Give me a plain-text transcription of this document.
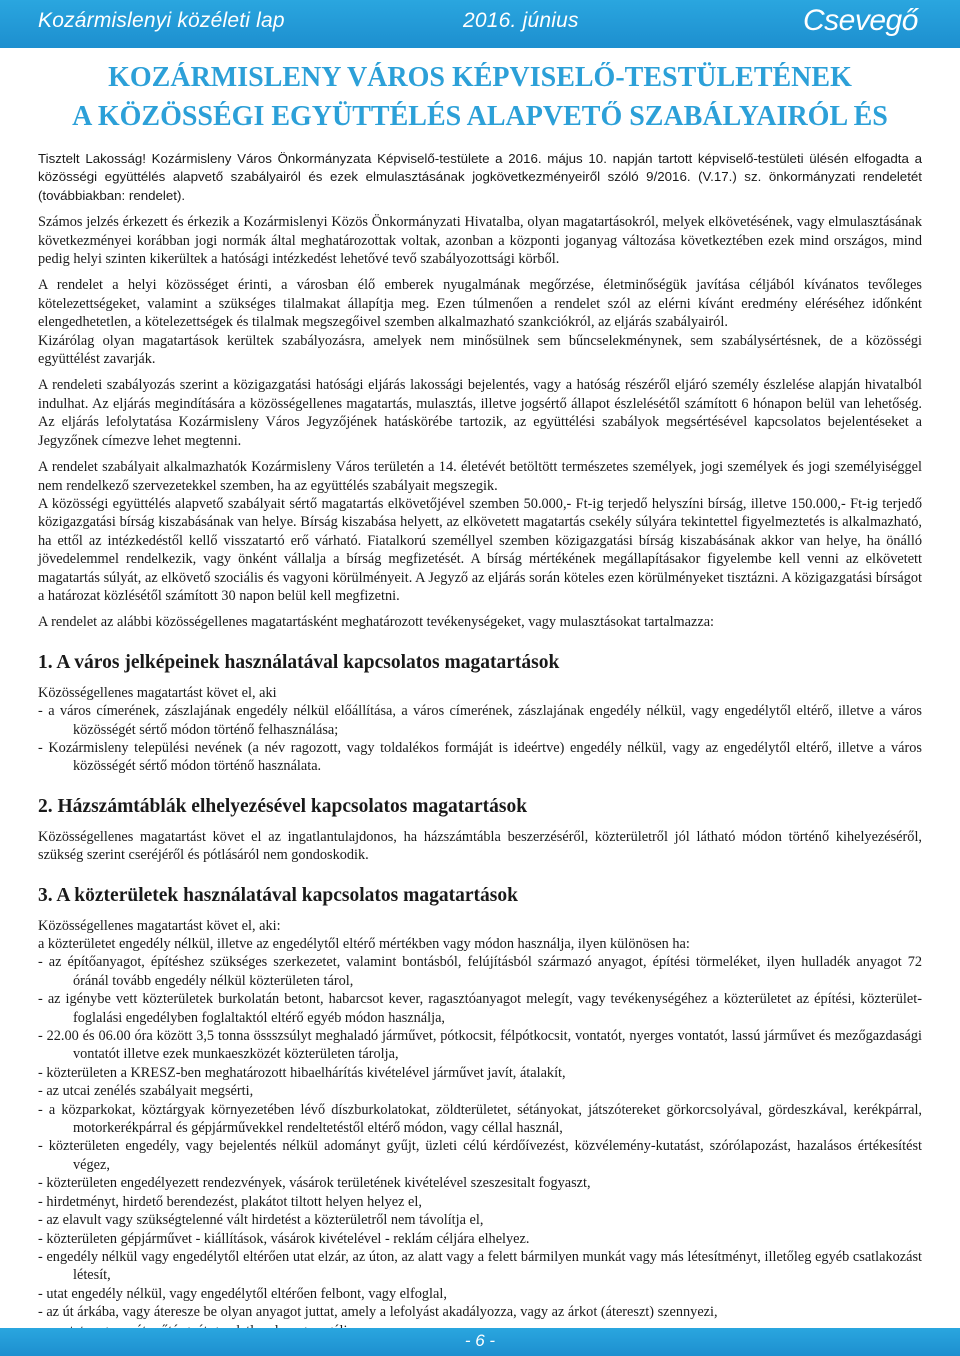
Kozármislenyi közéleti lap	2016. június	Csevegő
KOZÁRMISLENY VÁROS KÉPVISELŐ-TESTÜLETÉNEK
A KÖZÖSSÉGI EGYÜTTÉLÉS ALAPVETŐ SZABÁLYAIRÓL ÉS

Tisztelt Lakosság! Kozármisleny Város Önkormányzata Képviselő-testülete a 2016. május 10. napján tartott képviselő-testületi ülésén elfogadta a közösségi együttélés alapvető szabályairól és ezek elmulasztásának jogkövetkezményeiről szóló 9/2016. (V.17.) sz. önkormányzati rendeletét (továbbiakban: rendelet).

Számos jelzés érkezett és érkezik a Kozármislenyi Közös Önkormányzati Hivatalba, olyan magatartásokról, melyek elkövetésének, vagy elmulasztásának következményei korábban jogi normák által meghatározottak voltak, azonban a központi joganyag változása következtében ezek mind országos, mind pedig helyi szinten kikerültek a hatósági intézkedést lehetővé tevő szabályozottsági körből.

A rendelet a helyi közösséget érinti, a városban élő emberek nyugalmának megőrzése, életminőségük javítása céljából kívánatos tevőleges kötelezettségeket, valamint a szükséges tilalmakat állapítja meg. Ezen túlmenően a rendelet szól az elérni kívánt eredmény eléréséhez időnként elengedhetetlen, a kötelezettségek és tilalmak megszegőivel szemben alkalmazható szankciókról, az eljárás szabályairól.

Kizárólag olyan magatartások kerültek szabályozásra, amelyek nem minősülnek sem bűncselekménynek, sem szabálysértésnek, de a közösségi együttélést zavarják.

A rendeleti szabályozás szerint a közigazgatási hatósági eljárás lakossági bejelentés, vagy a hatóság részéről eljáró személy észlelése alapján hivatalból indulhat. Az eljárás megindítására a közösségellenes magatartás, mulasztás, illetve jogsértő állapot észlelésétől számított 6 hónapon belül van lehetőség. Az eljárás lefolytatása Kozármisleny Város Jegyzőjének hatáskörébe tartozik, az együttélési szabályok megsértésével kapcsolatos bejelentéseket a Jegyzőnek címezve lehet megtenni.

A rendelet szabályait alkalmazhatók Kozármisleny Város területén a 14. életévét betöltött természetes személyek, jogi személyek és jogi személyiséggel nem rendelkező szervezetekkel szemben, ha az együttélés szabályait megszegik.

A közösségi együttélés alapvető szabályait sértő magatartás elkövetőjével szemben 50.000,- Ft-ig terjedő helyszíni bírság, illetve 150.000,- Ft-ig terjedő közigazgatási bírság kiszabásának van helye. Bírság kiszabása helyett, az elkövetett magatartás csekély súlyára tekintettel figyelmeztetés is alkalmazható, ha ettől az intézkedéstől kellő visszatartó erő várható. Fiatalkorú személlyel szemben közigazgatási bírság kiszabásának akkor van helye, ha önálló jövedelemmel rendelkezik, vagy önként vállalja a bírság megfizetését. A bírság mértékének megállapításakor figyelembe kell venni az elkövetett magatartás súlyát, az elkövető szociális és vagyoni körülményeit. A Jegyző az eljárás során köteles ezen körülményeket tisztázni. A közigazgatási bírságot a határozat közlésétől számított 30 napon belül kell megfizetni.

A rendelet az alábbi közösségellenes magatartásként meghatározott tevékenységeket, vagy mulasztásokat tartalmazza:

1. A város jelképeinek használatával kapcsolatos magatartások

Közösségellenes magatartást követ el, aki

- a város címerének, zászlajának engedély nélkül előállítása, a város címerének, zászlajának engedély nélkül, vagy engedélytől eltérő, illetve a város közösségét sértő módon történő felhasználása;
- Kozármisleny települési nevének (a név ragozott, vagy toldalékos formáját is ideértve) engedély nélkül, vagy az engedélytől eltérő, illetve a város közösségét sértő módon történő használata.
2. Házszámtáblák elhelyezésével kapcsolatos magatartások

Közösségellenes magatartást követ el az ingatlantulajdonos, ha házszámtábla beszerzéséről, közterületről jól látható módon történő kihelyezéséről, szükség szerint cseréjéről és pótlásáról nem gondoskodik.

3. A közterületek használatával kapcsolatos magatartások

Közösségellenes magatartást követ el, aki:

a közterületet engedély nélkül, illetve az engedélytől eltérő mértékben vagy módon használja, ilyen különösen ha:

- az építőanyagot, építéshez szükséges szerkezetet, valamint bontásból, felújításból származó anyagot, építési törmeléket, ilyen hulladék anyagot 72 óránál tovább engedély nélkül közterületen tárol,
- az igénybe vett közterületek burkolatán betont, habarcsot kever, ragasztóanyagot melegít, vagy tevékenységéhez a közterületet az építési, közterület-foglalási engedélyben foglaltaktól eltérő egyéb módon használja,
- 22.00 és 06.00 óra között 3,5 tonna össszsúlyt meghaladó járművet, pótkocsit, félpótkocsit, vontatót, nyerges vontatót, lassú járművet és mezőgazdasági vontatót illetve ezek munkaeszközét közterületen tárolja,
- közterületen a KRESZ-ben meghatározott hibaelhárítás kivételével járművet javít, átalakít,
- az utcai zenélés szabályait megsérti,
- a közparkokat, köztárgyak környezetében lévő díszburkolatokat, zöldterületet, sétányokat, játszótereket görkorcsolyával, gördeszkával, kerékpárral, motorkerékpárral és gépjárművekkel rendeltetéstől eltérő módon, vagy céllal használ,
- közterületen engedély, vagy bejelentés nélkül adományt gyűjt, üzleti célú kérdőívezést, közvélemény-kutatást, szórólapozást, hazalásos értékesítést végez,
- közterületen engedélyezett rendezvények, vásárok területének kivételével szeszesitalt fogyaszt,
- hirdetményt, hirdető berendezést, plakátot tiltott helyen helyez el,
- az elavult vagy szükségtelenné vált hirdetést a közterületről nem távolítja el,
- közterületen gépjárművet - kiállítások, vásárok kivételével - reklám céljára elhelyez.
- engedély nélkül vagy engedélytől eltérően utat elzár, az úton, az alatt vagy a felett bármilyen munkát vagy más létesítményt, illetőleg egyéb csatlakozást létesít,
- utat engedély nélkül, vagy engedélytől eltérően felbont, vagy elfoglal,
- az út árkába, vagy áteresze be olyan anyagot juttat, amely a lefolyást akadályozza, vagy az árkot (átereszt) szennyezi,
- 6 -
